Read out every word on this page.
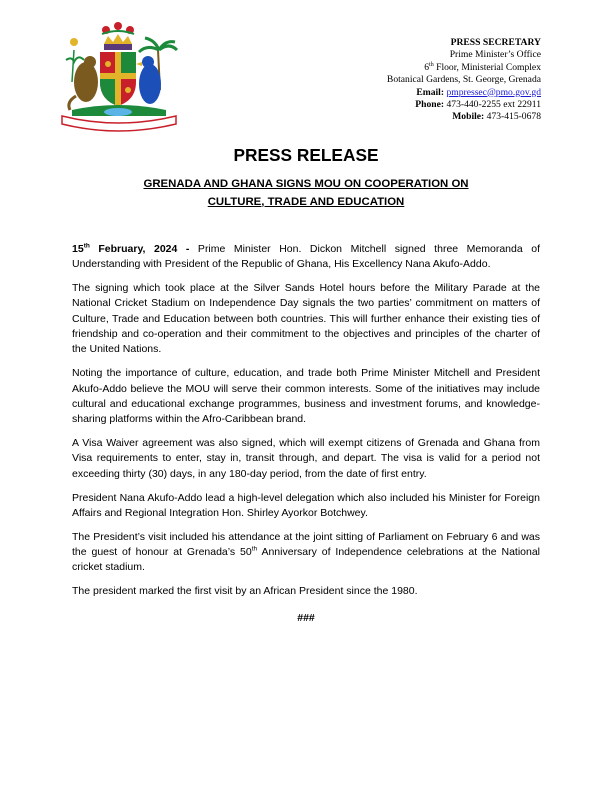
PRESS SECRETARY
Prime Minister’s Office
6th Floor, Ministerial Complex
Botanical Gardens, St. George, Grenada
Email: pmpressec@pmo.gov.gd
Phone: 473-440-2255 ext 22911
Mobile: 473-415-0678
PRESS RELEASE
GRENADA AND GHANA SIGNS MOU ON COOPERATION ON
CULTURE, TRADE AND EDUCATION

15th February, 2024 - Prime Minister Hon. Dickon Mitchell signed three Memoranda of Understanding with President of the Republic of Ghana, His Excellency Nana Akufo-Addo.

The signing which took place at the Silver Sands Hotel hours before the Military Parade at the National Cricket Stadium on Independence Day signals the two parties’ commitment on matters of Culture, Trade and Education between both countries. This will further enhance their existing ties of friendship and co-operation and their commitment to the objectives and principles of the charter of the United Nations.

Noting the importance of culture, education, and trade both Prime Minister Mitchell and President Akufo-Addo believe the MOU will serve their common interests. Some of the initiatives may include cultural and educational exchange programmes, business and investment forums, and knowledge-sharing platforms within the Afro-Caribbean brand.

A Visa Waiver agreement was also signed, which will exempt citizens of Grenada and Ghana from Visa requirements to enter, stay in, transit through, and depart. The visa is valid for a period not exceeding thirty (30) days, in any 180-day period, from the date of first entry.

President Nana Akufo-Addo lead a high-level delegation which also included his Minister for Foreign Affairs and Regional Integration Hon. Shirley Ayorkor Botchwey.

The President’s visit included his attendance at the joint sitting of Parliament on February 6 and was the guest of honour at Grenada’s 50th Anniversary of Independence celebrations at the National cricket stadium.

The president marked the first visit by an African President since the 1980.

###
